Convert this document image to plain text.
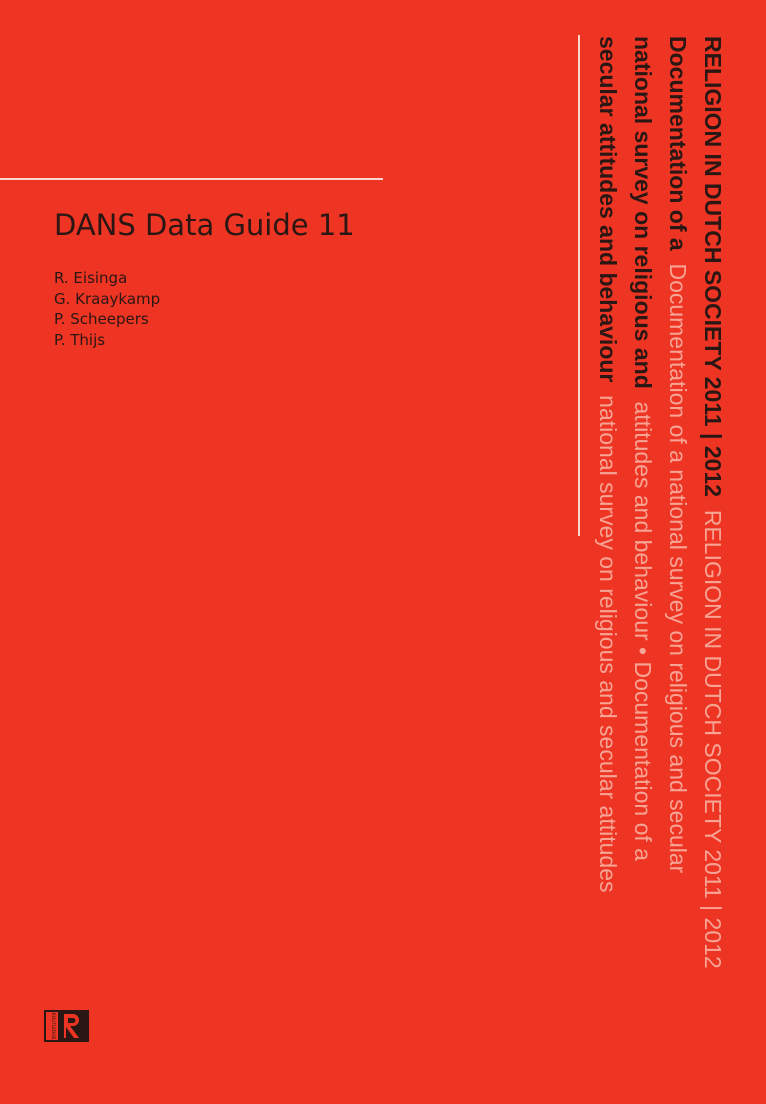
DANS Data Guide 11
R. Eisinga
G. Kraaykamp
P. Scheepers
P. Thijs	RELIGION IN DUTCH SOCIETY 2011 | 2012  RELIGION IN DUTCH SOCIETY 2011 | 2012
Documentation of a  Documentation of a national survey on religious and secular
national survey on religious and  attitudes and behaviour • Documentation of a
secular attitudes and behaviour  national survey on religious and secular attitudes
ROUTLEDGE
